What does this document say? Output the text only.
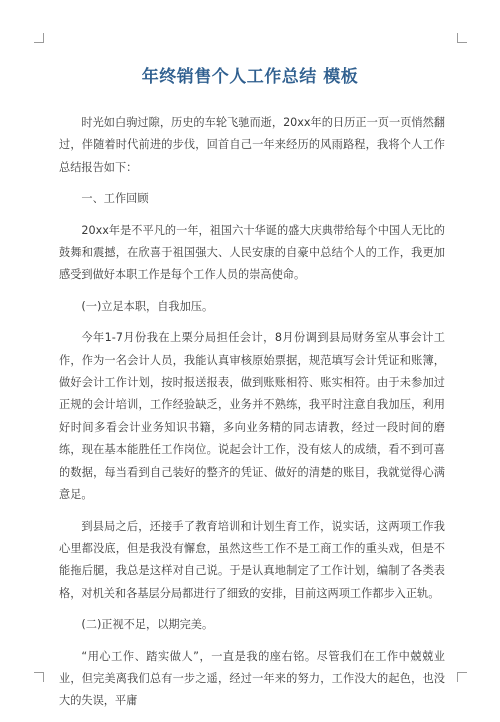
年终销售个人工作总结 模板

时光如白驹过隙，历史的车轮飞驰而逝，20xx年的日历正一页一页悄然翻过，伴随着时代前进的步伐，回首自己一年来经历的风雨路程，我将个人工作总结报告如下：

一、工作回顾

20xx年是不平凡的一年，祖国六十华诞的盛大庆典带给每个中国人无比的鼓舞和震撼，在欣喜于祖国强大、人民安康的自豪中总结个人的工作，我更加感受到做好本职工作是每个工作人员的崇高使命。

(一)立足本职，自我加压。

今年1-7月份我在上栗分局担任会计，8月份调到县局财务室从事会计工作，作为一名会计人员，我能认真审核原始票据，规范填写会计凭证和账簿，做好会计工作计划，按时报送报表，做到账账相符、账实相符。由于未参加过正规的会计培训，工作经验缺乏，业务并不熟练，我平时注意自我加压，利用好时间多看会计业务知识书籍，多向业务精的同志请教，经过一段时间的磨练，现在基本能胜任工作岗位。说起会计工作，没有炫人的成绩，看不到可喜的数据，每当看到自己装好的整齐的凭证、做好的清楚的账目，我就觉得心满意足。

到县局之后，还接手了教育培训和计划生育工作，说实话，这两项工作我心里都没底，但是我没有懈怠，虽然这些工作不是工商工作的重头戏，但是不能拖后腿，我总是这样对自己说。于是认真地制定了工作计划，编制了各类表格，对机关和各基层分局都进行了细致的安排，目前这两项工作都步入正轨。

(二)正视不足，以期完美。

“用心工作、踏实做人”，一直是我的座右铭。尽管我们在工作中兢兢业业，但完美离我们总有一步之遥，经过一年来的努力，工作没大的起色，也没大的失误，平庸
